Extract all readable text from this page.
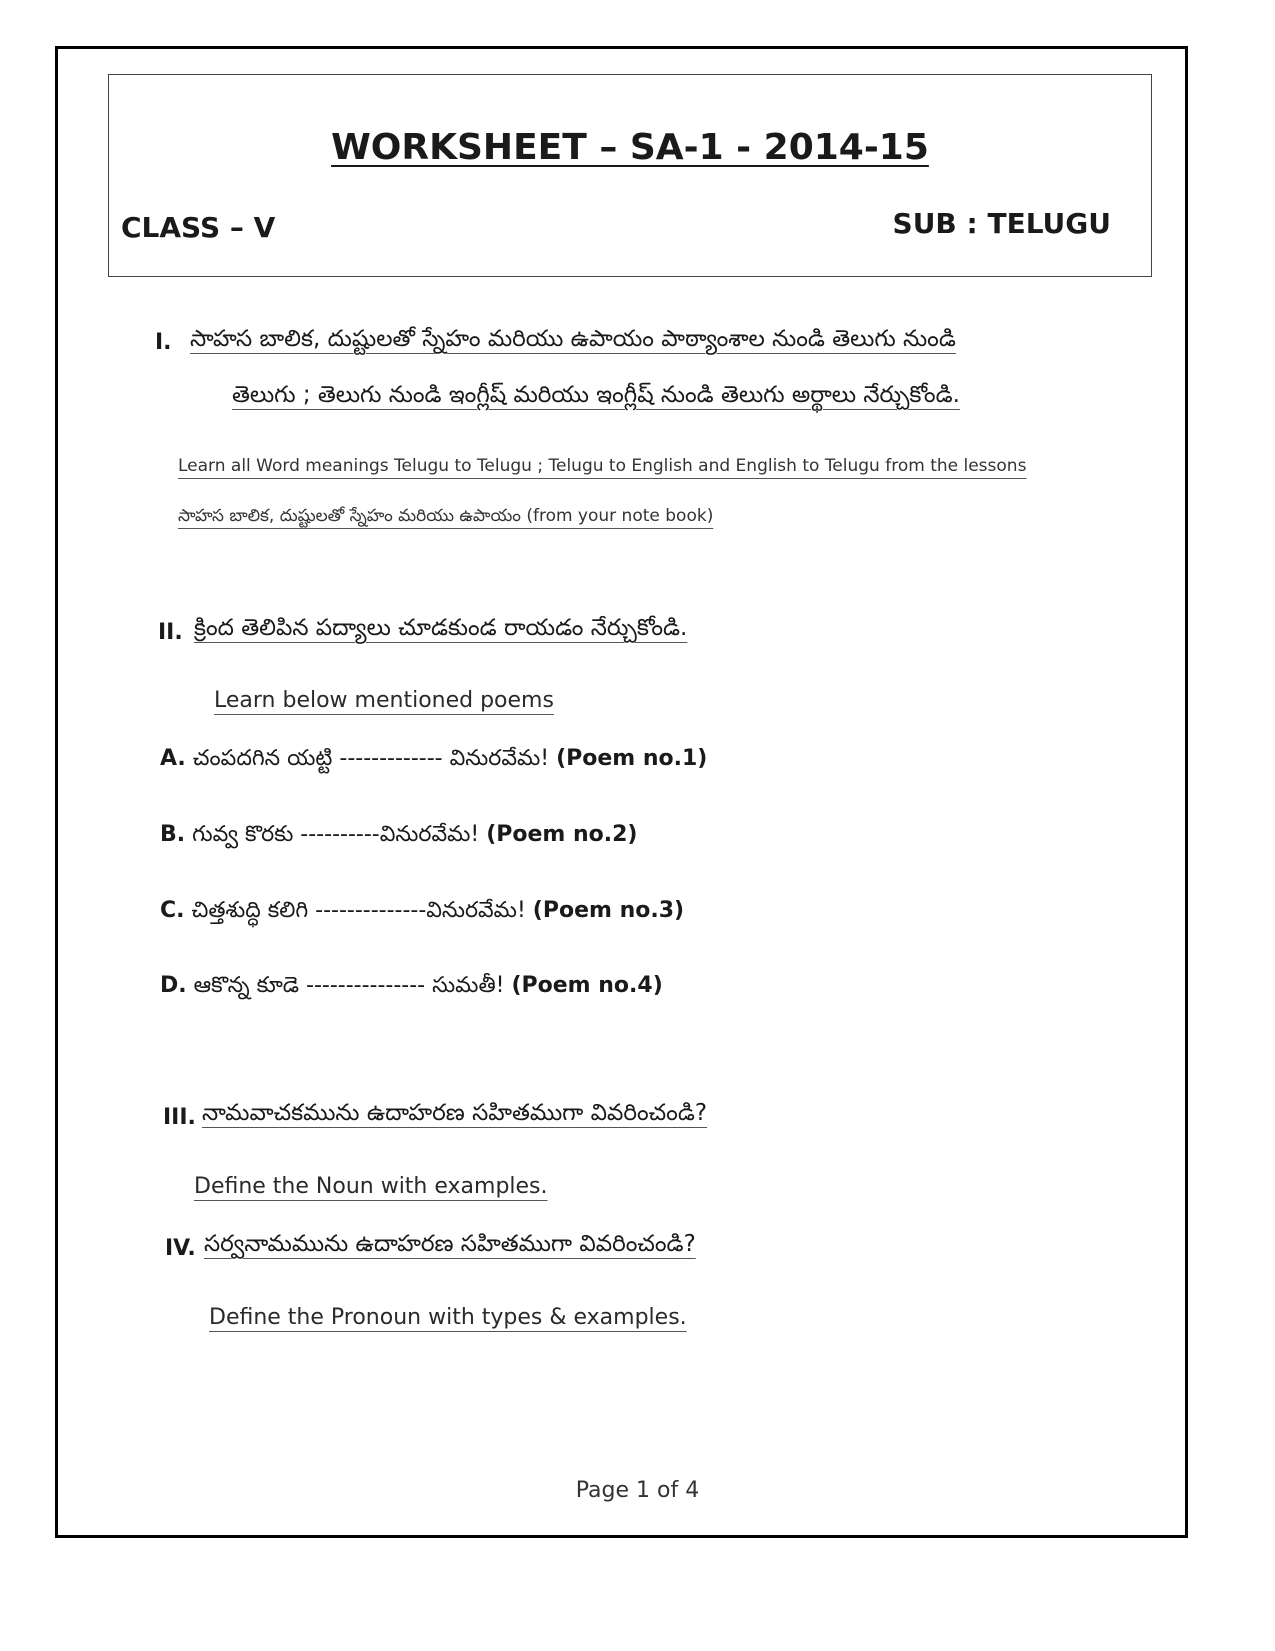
WORKSHEET – SA-1 - 2014-15
CLASS – V	SUB : TELUGU
I. సాహస బాలిక, దుష్టులతో స్నేహం మరియు ఉపాయం పాఠ్యాంశాల నుండి తెలుగు నుండి
తెలుగు ; తెలుగు నుండి ఇంగ్లీష్ మరియు ఇంగ్లీష్ నుండి తెలుగు అర్థాలు నేర్చుకోండి.
Learn all Word meanings Telugu to Telugu ; Telugu to English and English to Telugu from the lessons
సాహస బాలిక, దుష్టులతో స్నేహం మరియు ఉపాయం (from your note book)
II. క్రింద తెలిపిన పద్యాలు చూడకుండ రాయడం నేర్చుకోండి.
Learn below mentioned poems
A. చంపదగిన యట్టి ------------- వినురవేమ! (Poem no.1)
B. గువ్వ కొరకు ----------వినురవేమ! (Poem no.2)
C. చిత్తశుద్ధి కలిగి --------------వినురవేమ! (Poem no.3)
D. ఆకొన్న కూడె --------------- సుమతీ! (Poem no.4)
III. నామవాచకమును ఉదాహరణ సహితముగా వివరించండి?
Define the Noun with examples.
IV. సర్వనామమును ఉదాహరణ సహితముగా వివరించండి?
Define the Pronoun with types & examples.
Page 1 of 4
